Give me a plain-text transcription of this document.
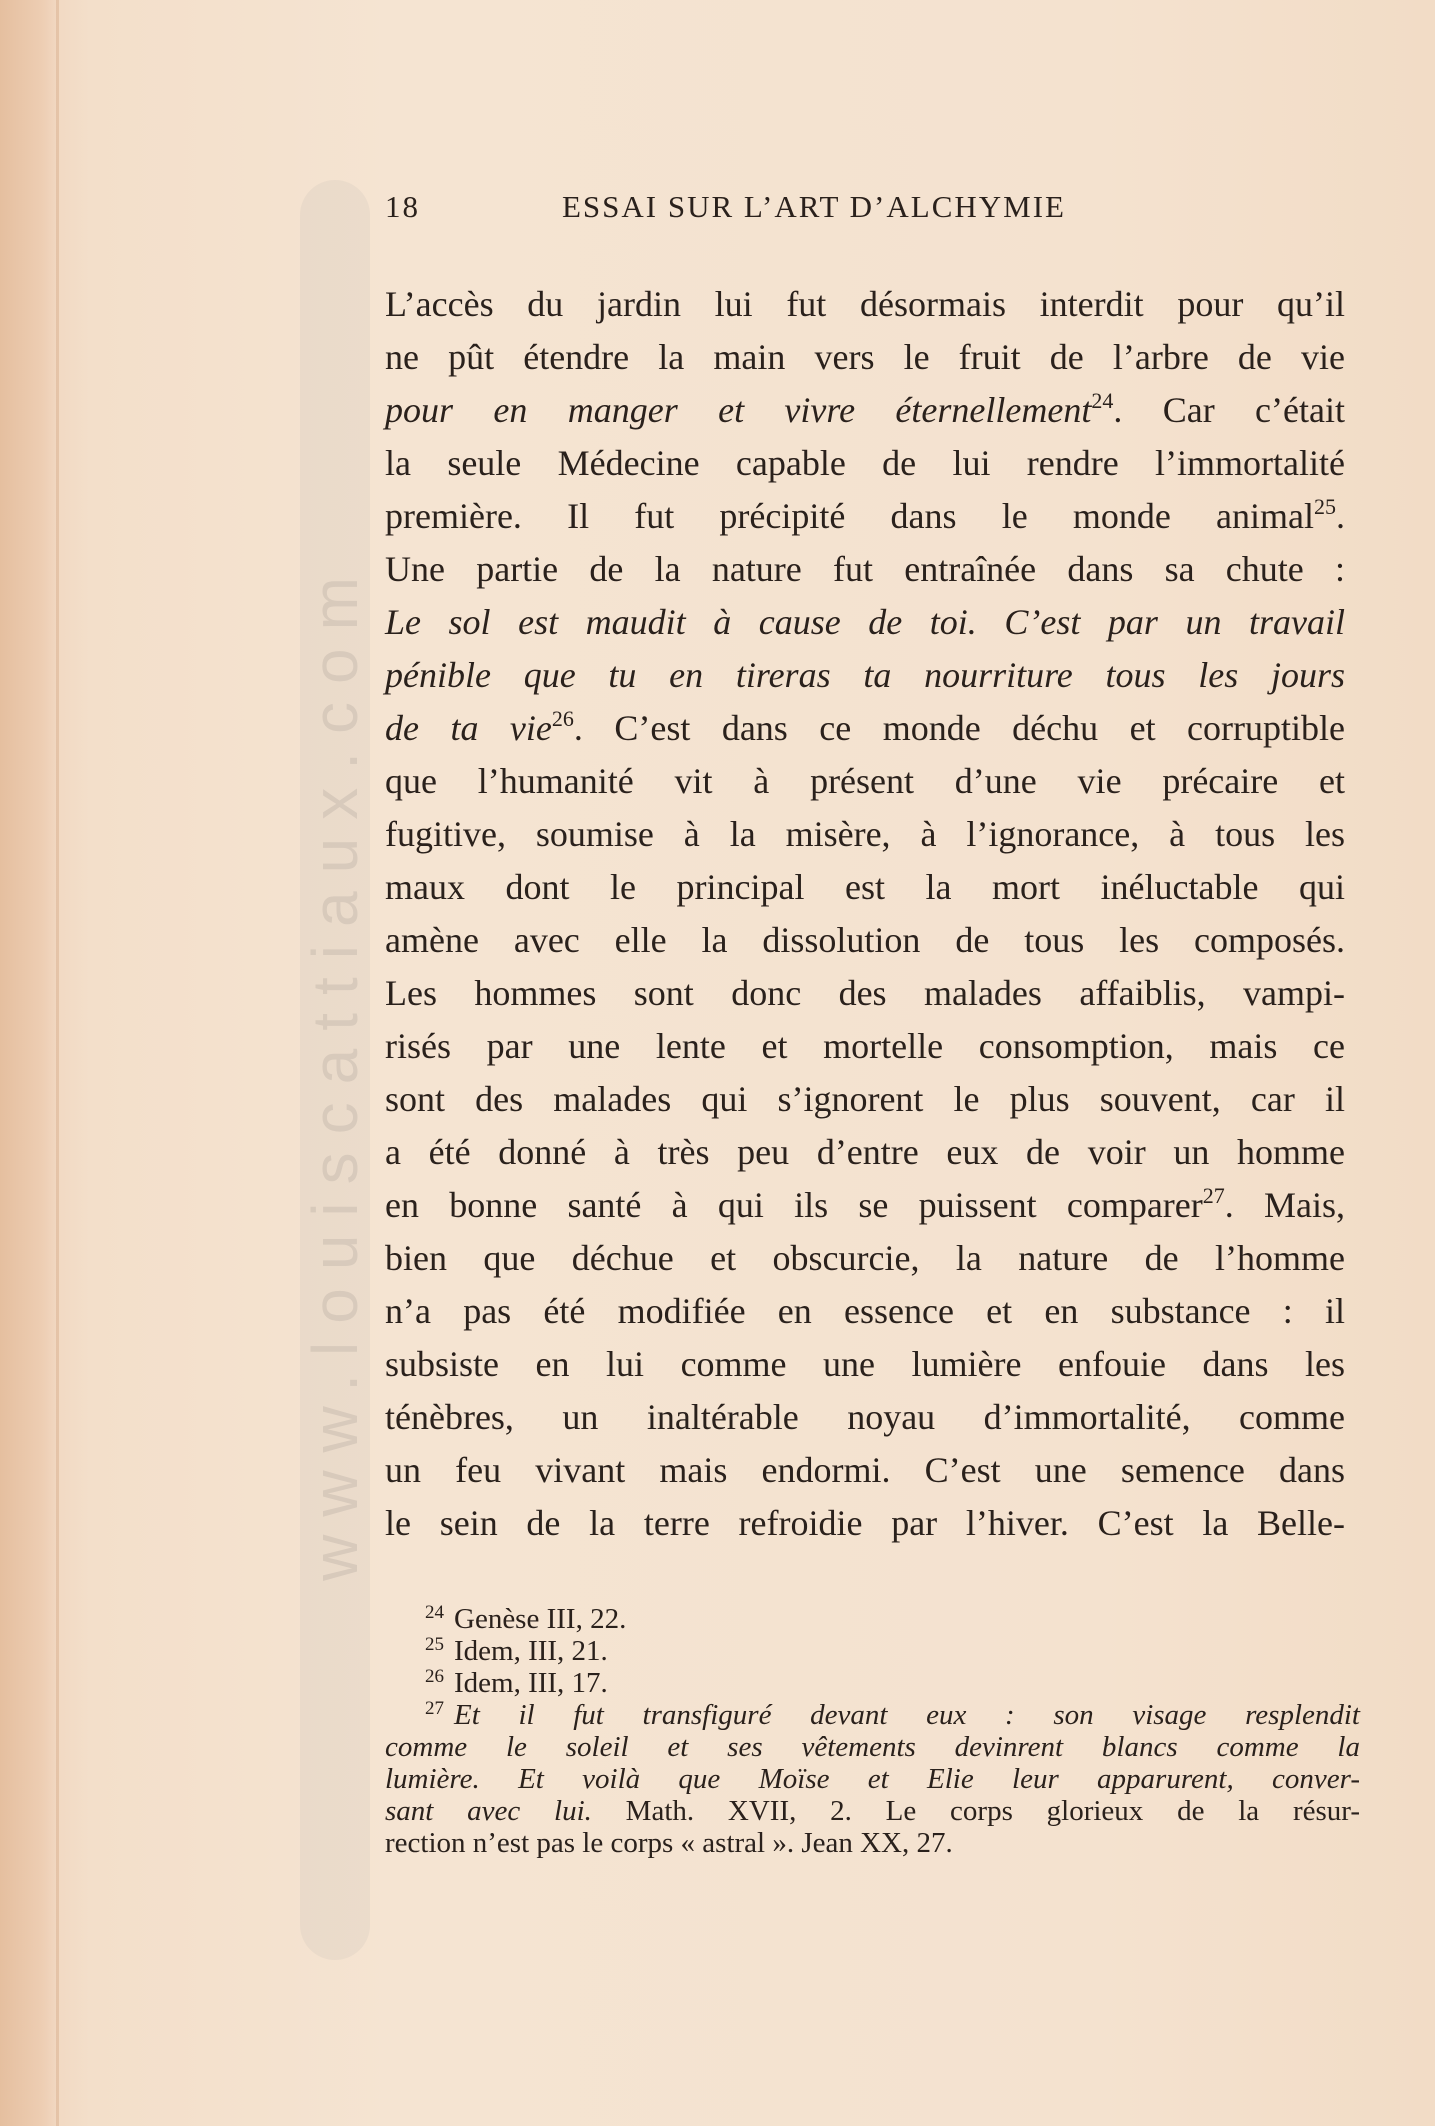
www.louiscattiaux.com
18	ESSAI SUR L’ART D’ALCHYMIE
L’accès du jardin lui fut désormais interdit pour qu’il
ne pût étendre la main vers le fruit de l’arbre de vie
pour en manger et vivre éternellement$^{24}$. Car c’était
la seule Médecine capable de lui rendre l’immortalité
première. Il fut précipité dans le monde animal$^{25}$.
Une partie de la nature fut entraînée dans sa chute :
Le sol est maudit à cause de toi. C’est par un travail
pénible que tu en tireras ta nourriture tous les jours
de ta vie$^{26}$. C’est dans ce monde déchu et corruptible
que l’humanité vit à présent d’une vie précaire et
fugitive, soumise à la misère, à l’ignorance, à tous les
maux dont le principal est la mort inéluctable qui
amène avec elle la dissolution de tous les composés.
Les hommes sont donc des malades affaiblis, vampi-
risés par une lente et mortelle consomption, mais ce
sont des malades qui s’ignorent le plus souvent, car il
a été donné à très peu d’entre eux de voir un homme
en bonne santé à qui ils se puissent comparer$^{27}$. Mais,
bien que déchue et obscurcie, la nature de l’homme
n’a pas été modifiée en essence et en substance : il
subsiste en lui comme une lumière enfouie dans les
ténèbres, un inaltérable noyau d’immortalité, comme
un feu vivant mais endormi. C’est une semence dans
le sein de la terre refroidie par l’hiver. C’est la Belle-
$^{24}$ Genèse III, 22.
$^{25}$ Idem, III, 21.
$^{26}$ Idem, III, 17.
$^{27}$ Et il fut transfiguré devant eux : son visage resplendit
comme le soleil et ses vêtements devinrent blancs comme la
lumière. Et voilà que Moïse et Elie leur apparurent, conver-
sant avec lui. Math. XVII, 2. Le corps glorieux de la résur-
rection n’est pas le corps « astral ». Jean XX, 27.
